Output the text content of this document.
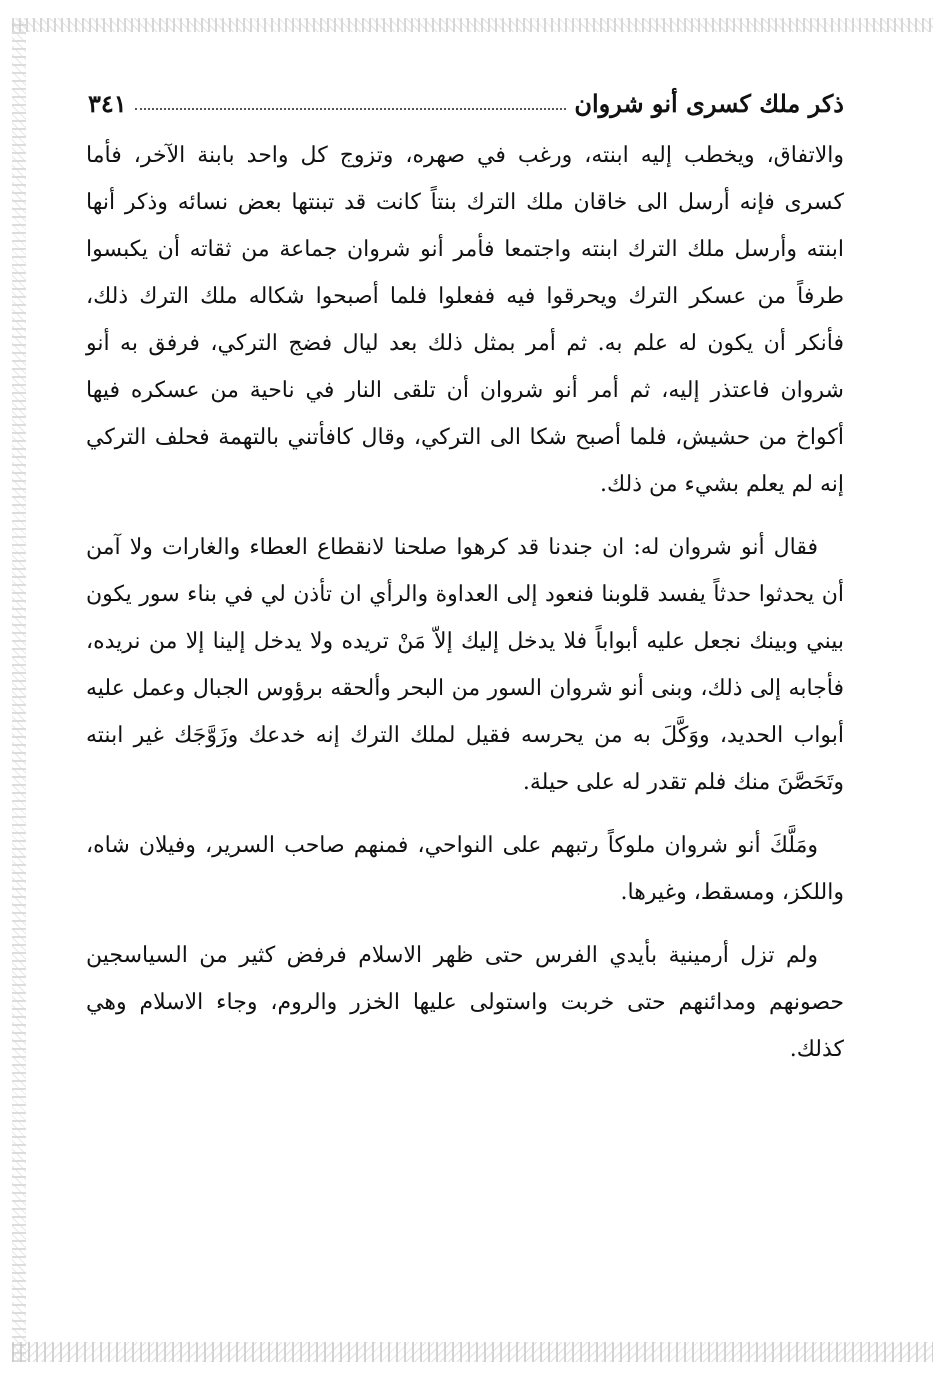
ذكر ملك كسرى أنو شروان
٣٤١

والاتفاق، ويخطب إليه ابنته، ورغب في صهره، وتزوج كل واحد بابنة الآخر، فأما كسرى فإنه أرسل الى خاقان ملك الترك بنتاً كانت قد تبنتها بعض نسائه وذكر أنها ابنته وأرسل ملك الترك ابنته واجتمعا فأمر أنو شروان جماعة من ثقاته أن يكبسوا طرفاً من عسكر الترك ويحرقوا فيه ففعلوا فلما أصبحوا شكاله ملك الترك ذلك، فأنكر أن يكون له علم به. ثم أمر بمثل ذلك بعد ليال فضج التركي، فرفق به أنو شروان فاعتذر إليه، ثم أمر أنو شروان أن تلقى النار في ناحية من عسكره فيها أكواخ من حشيش، فلما أصبح شكا الى التركي، وقال كافأتني بالتهمة فحلف التركي إنه لم يعلم بشيء من ذلك.

فقال أنو شروان له: ان جندنا قد كرهوا صلحنا لانقطاع العطاء والغارات ولا آمن أن يحدثوا حدثاً يفسد قلوبنا فنعود إلى العداوة والرأي ان تأذن لي في بناء سور يكون بيني وبينك نجعل عليه أبواباً فلا يدخل إليك إلاّ مَنْ تريده ولا يدخل إلينا إلا من نريده، فأجابه إلى ذلك، وبنى أنو شروان السور من البحر وألحقه برؤوس الجبال وعمل عليه أبواب الحديد، ووَكَّلَ به من يحرسه فقيل لملك الترك إنه خدعك وزَوَّجَك غير ابنته وتَحَصَّنَ منك فلم تقدر له على حيلة.

ومَلَّكَ أنو شروان ملوكاً رتبهم على النواحي، فمنهم صاحب السرير، وفيلان شاه، واللكز، ومسقط، وغيرها.

ولم تزل أرمينية بأيدي الفرس حتى ظهر الاسلام فرفض كثير من السياسجين حصونهم ومدائنهم حتى خربت واستولى عليها الخزر والروم، وجاء الاسلام وهي كذلك.
